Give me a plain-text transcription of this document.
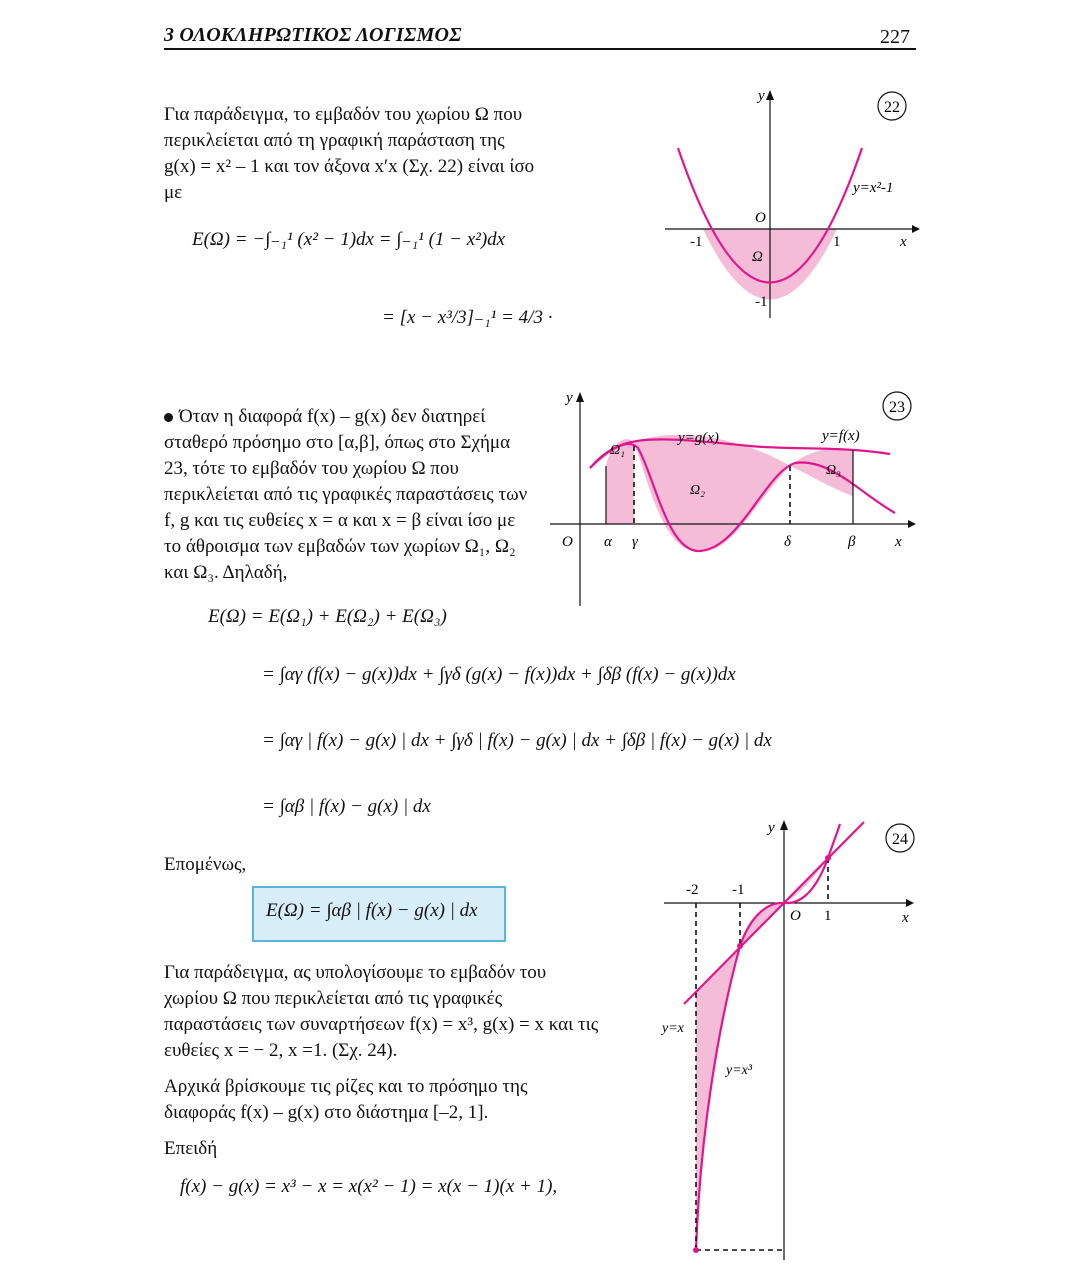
3 ΟΛΟΚΛΗΡΩΤΙΚΟΣ ΛΟΓΙΣΜΟΣ	227
Για παράδειγμα, το εμβαδόν του χωρίου Ω που περικλείεται από τη γραφική παράσταση της g(x) = x² – 1 και τον άξονα x′x (Σχ. 22) είναι ίσο με
E(Ω) = −∫₋₁¹ (x² − 1)dx = ∫₋₁¹ (1 − x²)dx
= [x − x³/3]₋₁¹ = 4/3 ·
22
y
x
O
y=x²-1
Ω
-1	1
-1
Όταν η διαφορά f(x) – g(x) δεν διατηρεί σταθερό πρόσημο στο [α,β], όπως στο Σχήμα 23, τότε το εμβαδόν του χωρίου Ω που περικλείεται από τις γραφικές παραστάσεις των f, g και τις ευθείες x = α και x = β είναι ίσο με το άθροισμα των εμβαδών των χωρίων Ω₁, Ω₂ και Ω₃. Δηλαδή,
23
y
x
O
y=g(x)	y=f(x)
Ω₁
Ω₂
Ω₃
α γ	δ	β
E(Ω) = E(Ω₁) + E(Ω₂) + E(Ω₃)
= ∫αγ (f(x) − g(x))dx + ∫γδ (g(x) − f(x))dx + ∫δβ (f(x) − g(x))dx
= ∫αγ | f(x) − g(x) | dx + ∫γδ | f(x) − g(x) | dx + ∫δβ | f(x) − g(x) | dx
= ∫αβ | f(x) − g(x) | dx
Επομένως,
E(Ω) = ∫αβ | f(x) − g(x) | dx
Για παράδειγμα, ας υπολογίσουμε το εμβαδόν του χωρίου Ω που περικλείεται από τις γραφικές παραστάσεις των συναρτήσεων f(x) = x³, g(x) = x και τις ευθείες x = − 2, x =1. (Σχ. 24).
Αρχικά βρίσκουμε τις ρίζες και το πρόσημο της διαφοράς f(x) – g(x) στο διάστημα [–2, 1].
Επειδή
f(x) − g(x) = x³ − x = x(x² − 1) = x(x − 1)(x + 1),
24
y
x
O
-2 -1
1
y=x
y=x³
